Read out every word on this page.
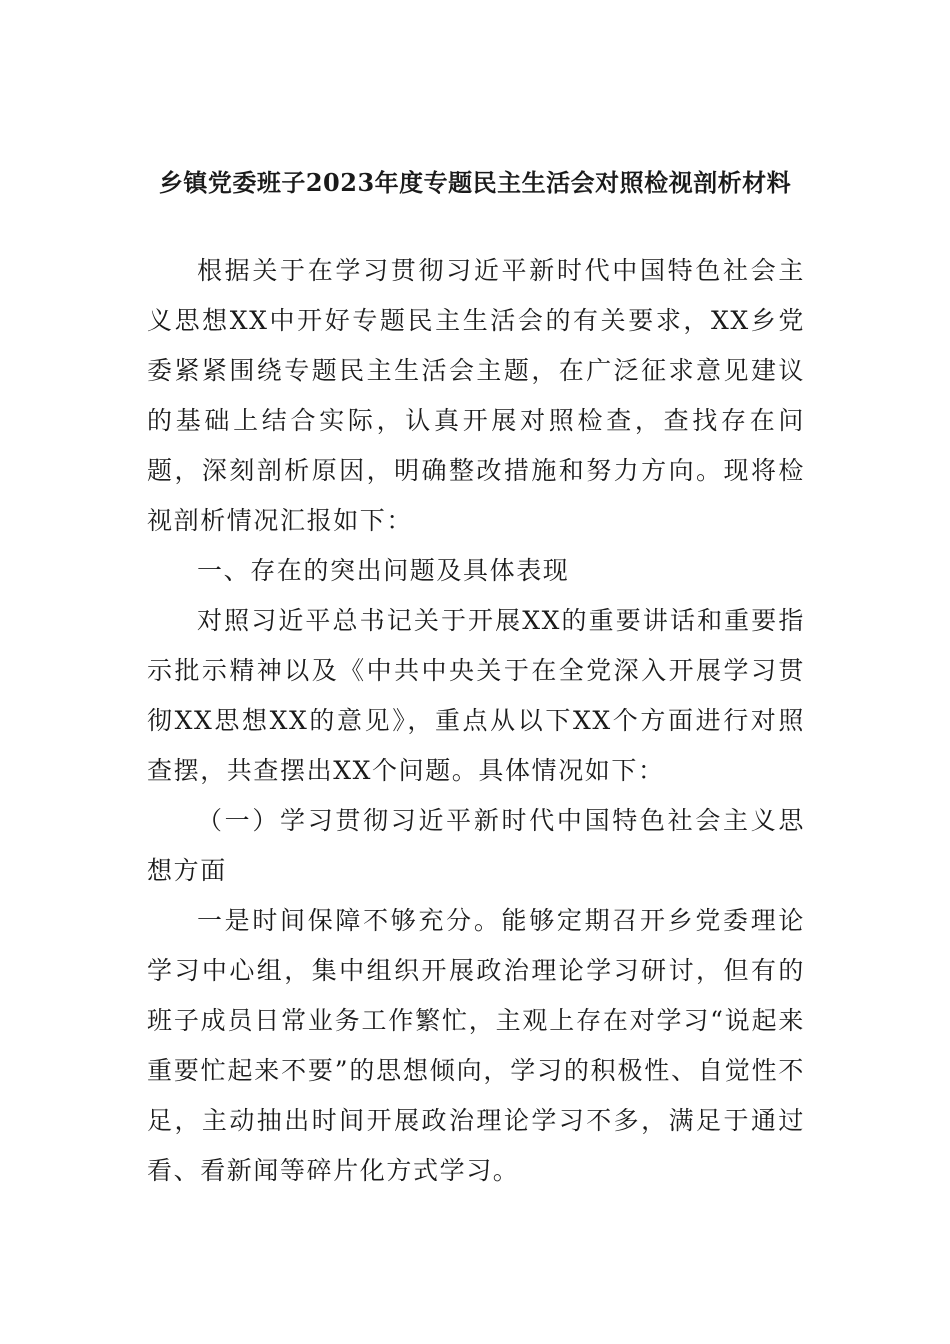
乡镇党委班子2023年度专题民主生活会对照检视剖析材料

根据关于在学习贯彻习近平新时代中国特色社会主义思想XX中开好专题民主生活会的有关要求，XX乡党委紧紧围绕专题民主生活会主题，在广泛征求意见建议的基础上结合实际，认真开展对照检查，查找存在问题，深刻剖析原因，明确整改措施和努力方向。现将检视剖析情况汇报如下：

一、存在的突出问题及具体表现

对照习近平总书记关于开展XX的重要讲话和重要指示批示精神以及《中共中央关于在全党深入开展学习贯彻XX思想XX的意见》，重点从以下XX个方面进行对照查摆，共查摆出XX个问题。具体情况如下：

（一）学习贯彻习近平新时代中国特色社会主义思想方面

一是时间保障不够充分。能够定期召开乡党委理论学习中心组，集中组织开展政治理论学习研讨，但有的班子成员日常业务工作繁忙，主观上存在对学习“说起来重要忙起来不要”的思想倾向，学习的积极性、自觉性不足，主动抽出时间开展政治理论学习不多，满足于通过看、看新闻等碎片化方式学习。
